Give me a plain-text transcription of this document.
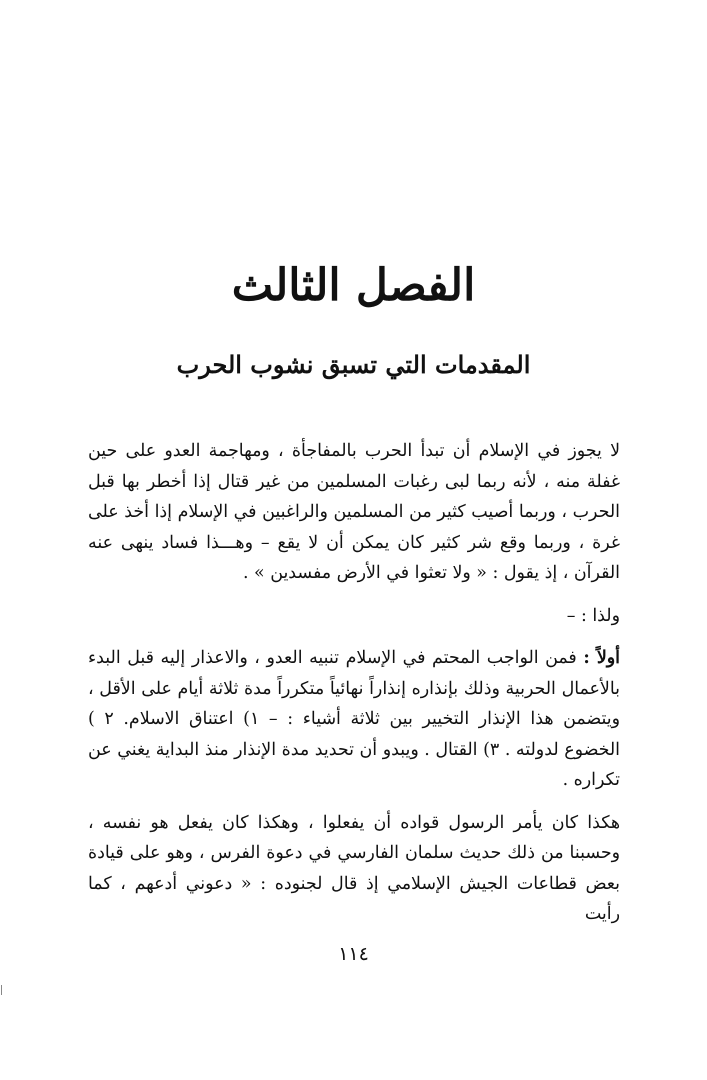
الفصل الثالث
المقدمات التي تسبق نشوب الحرب

لا يجوز في الإسلام أن تبدأ الحرب بالمفاجأة ، ومهاجمة العدو على حين غفلة منه ، لأنه ربما لبى رغبات المسلمين من غير قتال إذا أخطر بها قبل الحرب ، وربما أصيب كثير من المسلمين والراغبين في الإسلام إذا أخذ على غرة ، وربما وقع شر كثير كان يمكن أن لا يقع – وهـــذا فساد ينهى عنه القرآن ، إذ يقول : « ولا تعثوا في الأرض مفسدين » .

ولذا : –

أولاً : فمن الواجب المحتم في الإسلام تنبيه العدو ، والاعذار إليه قبل البدء بالأعمال الحربية وذلك بإنذاره إنذاراً نهائياً متكرراً مدة ثلاثة أيام على الأقل ، ويتضمن هذا الإنذار التخيير بين ثلاثة أشياء : – ١) اعتناق الاسلام. ٢ ) الخضوع لدولته . ٣) القتال . ويبدو أن تحديد مدة الإنذار منذ البداية يغني عن تكراره .

هكذا كان يأمر الرسول قواده أن يفعلوا ، وهكذا كان يفعل هو نفسه ، وحسبنا من ذلك حديث سلمان الفارسي في دعوة الفرس ، وهو على قيادة بعض قطاعات الجيش الإسلامي إذ قال لجنوده : « دعوني أدعهم ، كما رأيت

١١٤
